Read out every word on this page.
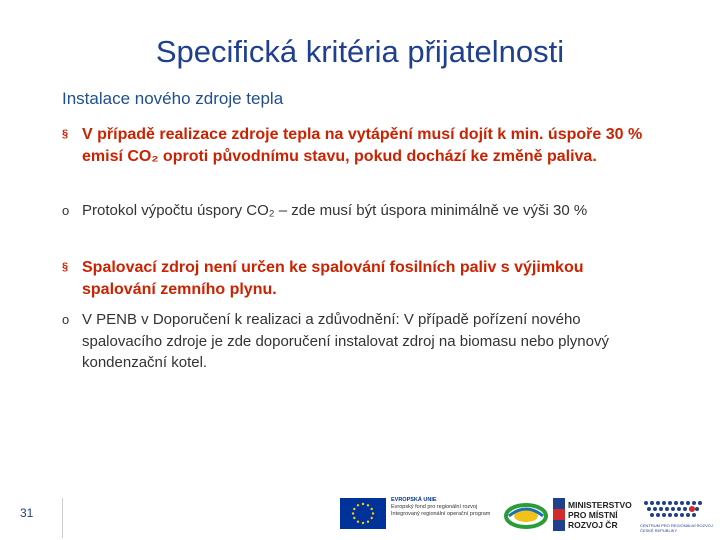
Specifická kritéria přijatelnosti
Instalace nového zdroje tepla
§ V případě realizace zdroje tepla na vytápění musí dojít k min. úspoře 30 % emisí CO₂ oproti původnímu stavu, pokud dochází ke změně paliva.
o Protokol výpočtu úspory CO₂ – zde musí být úspora minimálně ve výši 30 %
§ Spalovací zdroj není určen ke spalování fosilních paliv s výjimkou spalování zemního plynu.
o V PENB v Doporučení k realizaci a zdůvodnění: V případě pořízení nového spalovacího zdroje je zde doporučení instalovat zdroj na biomasu nebo plynový kondenzační kotel.
31
EVROPSKÁ UNIE
Evropský fond pro regionální rozvoj
Integrovaný regionální operační program
MINISTERSTVO
PRO MÍSTNÍ
ROZVOJ ČR	CENTRUM PRO REGIONÁLNÍ ROZVOJ
ČESKÉ REPUBLIKY
